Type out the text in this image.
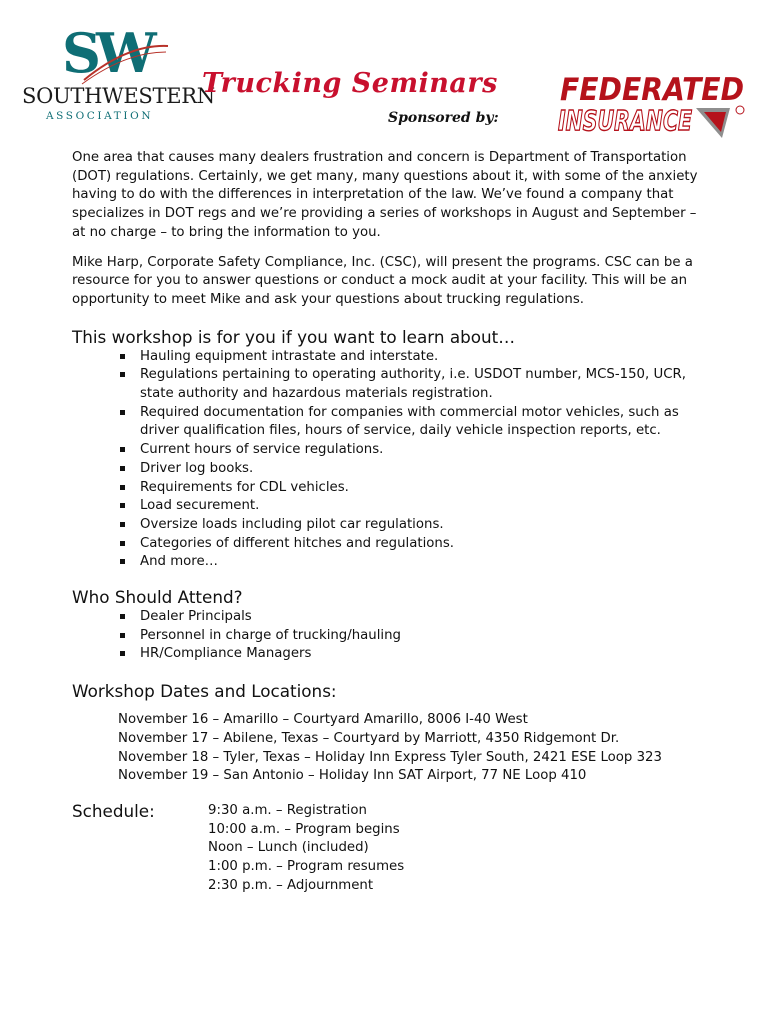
S
W
SOUTHWESTERN
ASSOCIATION
Trucking Seminars
Sponsored by:
FEDERATED
INSURANCE

One area that causes many dealers frustration and concern is Department of Transportation (DOT) regulations. Certainly, we get many, many questions about it, with some of the anxiety having to do with the differences in interpretation of the law. We’ve found a company that specializes in DOT regs and we’re providing a series of workshops in August and September – at no charge – to bring the information to you.

Mike Harp, Corporate Safety Compliance, Inc. (CSC), will present the programs. CSC can be a resource for you to answer questions or conduct a mock audit at your facility. This will be an opportunity to meet Mike and ask your questions about trucking regulations.

This workshop is for you if you want to learn about…
Hauling equipment intrastate and interstate.
Regulations pertaining to operating authority, i.e. USDOT number, MCS-150, UCR, state authority and hazardous materials registration.
Required documentation for companies with commercial motor vehicles, such as driver qualification files, hours of service, daily vehicle inspection reports, etc.
Current hours of service regulations.
Driver log books.
Requirements for CDL vehicles.
Load securement.
Oversize loads including pilot car regulations.
Categories of different hitches and regulations.
And more…
Who Should Attend?
Dealer Principals
Personnel in charge of trucking/hauling
HR/Compliance Managers
Workshop Dates and Locations:
November 16 – Amarillo – Courtyard Amarillo, 8006 I-40 West
November 17 – Abilene, Texas – Courtyard by Marriott, 4350 Ridgemont Dr.
November 18 – Tyler, Texas – Holiday Inn Express Tyler South, 2421 ESE Loop 323
November 19 – San Antonio – Holiday Inn SAT Airport, 77 NE Loop 410
Schedule:	9:30 a.m. – Registration
10:00 a.m. – Program begins
Noon – Lunch (included)
1:00 p.m. – Program resumes
2:30 p.m. – Adjournment
